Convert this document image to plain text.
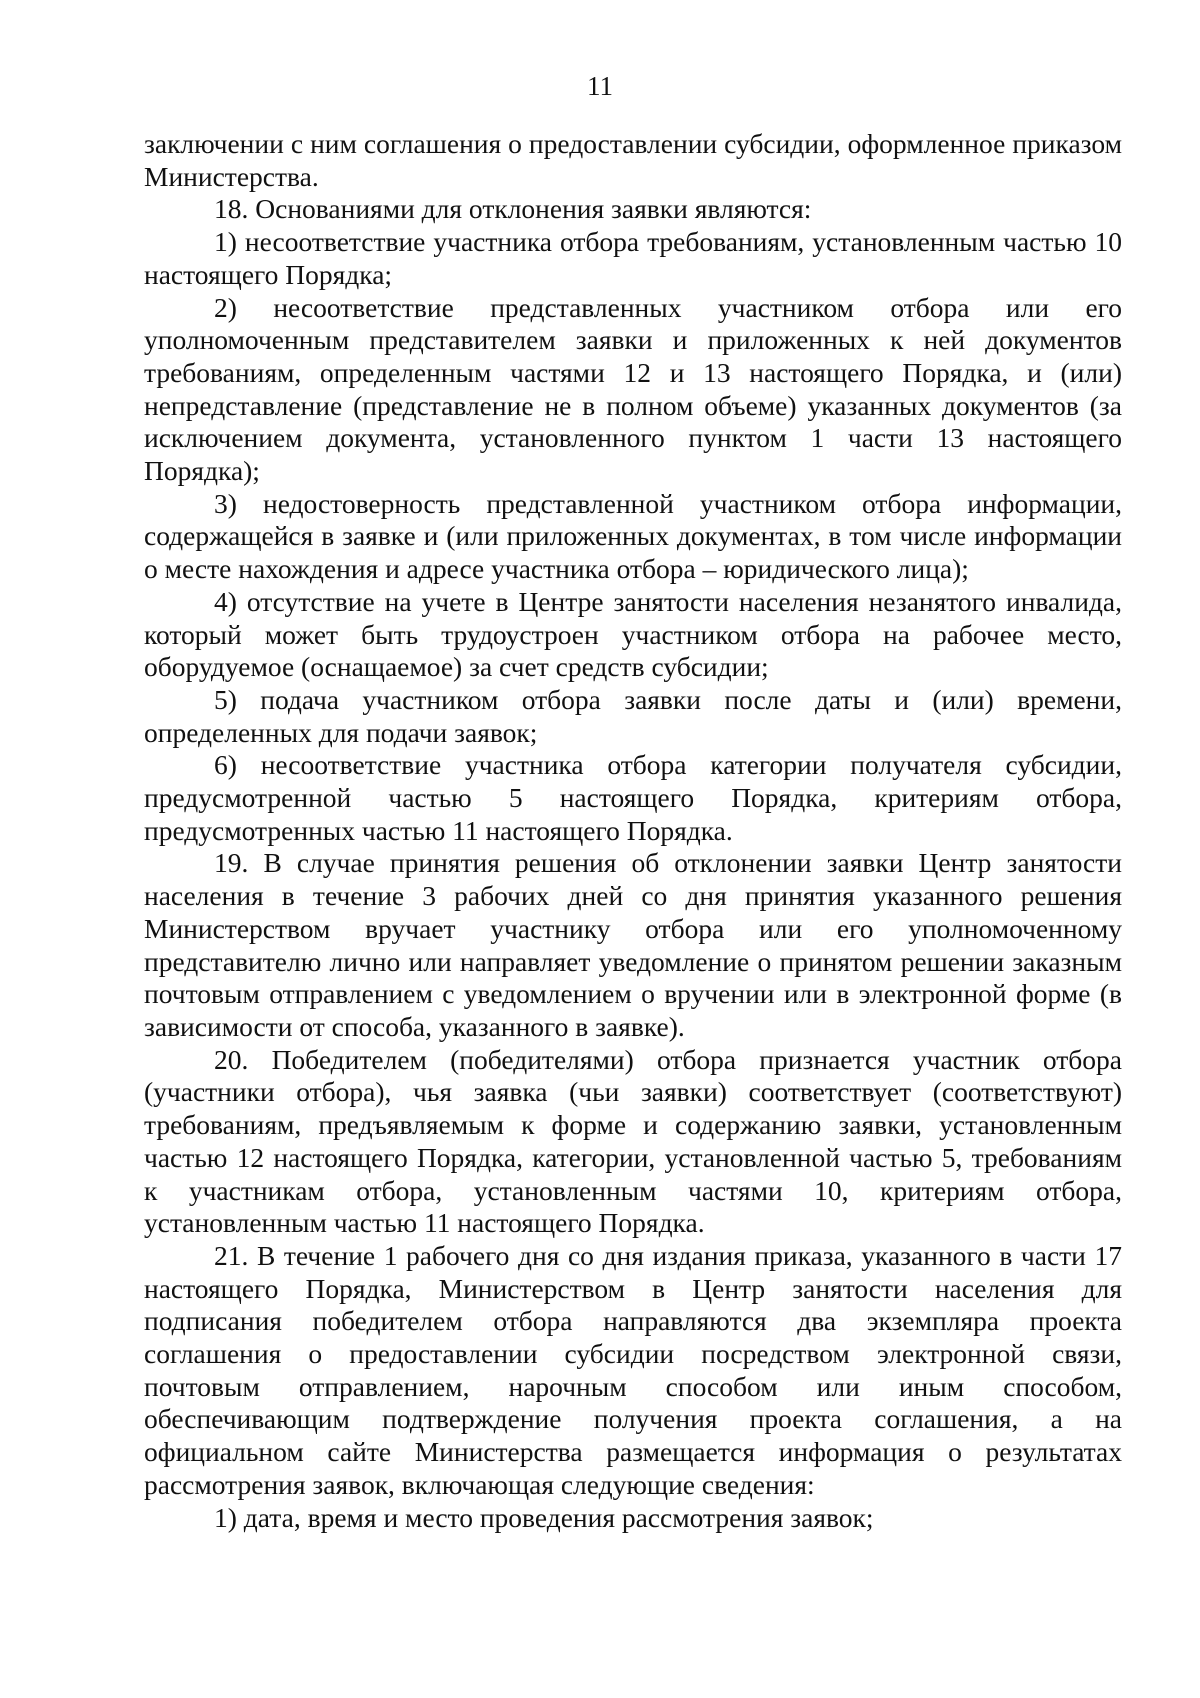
11

заключении с ним соглашения о предоставлении субсидии, оформленное приказом Министерства.

18. Основаниями для отклонения заявки являются:

1) несоответствие участника отбора требованиям, установленным частью 10 настоящего Порядка;

2) несоответствие представленных участником отбора или его уполномоченным представителем заявки и приложенных к ней документов требованиям, определенным частями 12 и 13 настоящего Порядка, и (или) непредставление (представление не в полном объеме) указанных документов (за исключением документа, установленного пунктом 1 части 13 настоящего Порядка);

3) недостоверность представленной участником отбора информации, содержащейся в заявке и (или приложенных документах, в том числе информации о месте нахождения и адресе участника отбора – юридического лица);

4) отсутствие на учете в Центре занятости населения незанятого инвалида, который может быть трудоустроен участником отбора на рабочее место, оборудуемое (оснащаемое) за счет средств субсидии;

5) подача участником отбора заявки после даты и (или) времени, определенных для подачи заявок;

6) несоответствие участника отбора категории получателя субсидии, предусмотренной частью 5 настоящего Порядка, критериям отбора, предусмотренных частью 11 настоящего Порядка.

19. В случае принятия решения об отклонении заявки Центр занятости населения в течение 3 рабочих дней со дня принятия указанного решения Министерством вручает участнику отбора или его уполномоченному представителю лично или направляет уведомление о принятом решении заказным почтовым отправлением с уведомлением о вручении или в электронной форме (в зависимости от способа, указанного в заявке).

20. Победителем (победителями) отбора признается участник отбора (участники отбора), чья заявка (чьи заявки) соответствует (соответствуют) требованиям, предъявляемым к форме и содержанию заявки, установленным частью 12 настоящего Порядка, категории, установленной частью 5, требованиям к участникам отбора, установленным частями 10, критериям отбора, установленным частью 11 настоящего Порядка.

21. В течение 1 рабочего дня со дня издания приказа, указанного в части 17 настоящего Порядка, Министерством в Центр занятости населения для подписания победителем отбора направляются два экземпляра проекта соглашения о предоставлении субсидии посредством электронной связи, почтовым отправлением, нарочным способом или иным способом, обеспечивающим подтверждение получения проекта соглашения, а на официальном сайте Министерства размещается информация о результатах рассмотрения заявок, включающая следующие сведения:

1) дата, время и место проведения рассмотрения заявок;
